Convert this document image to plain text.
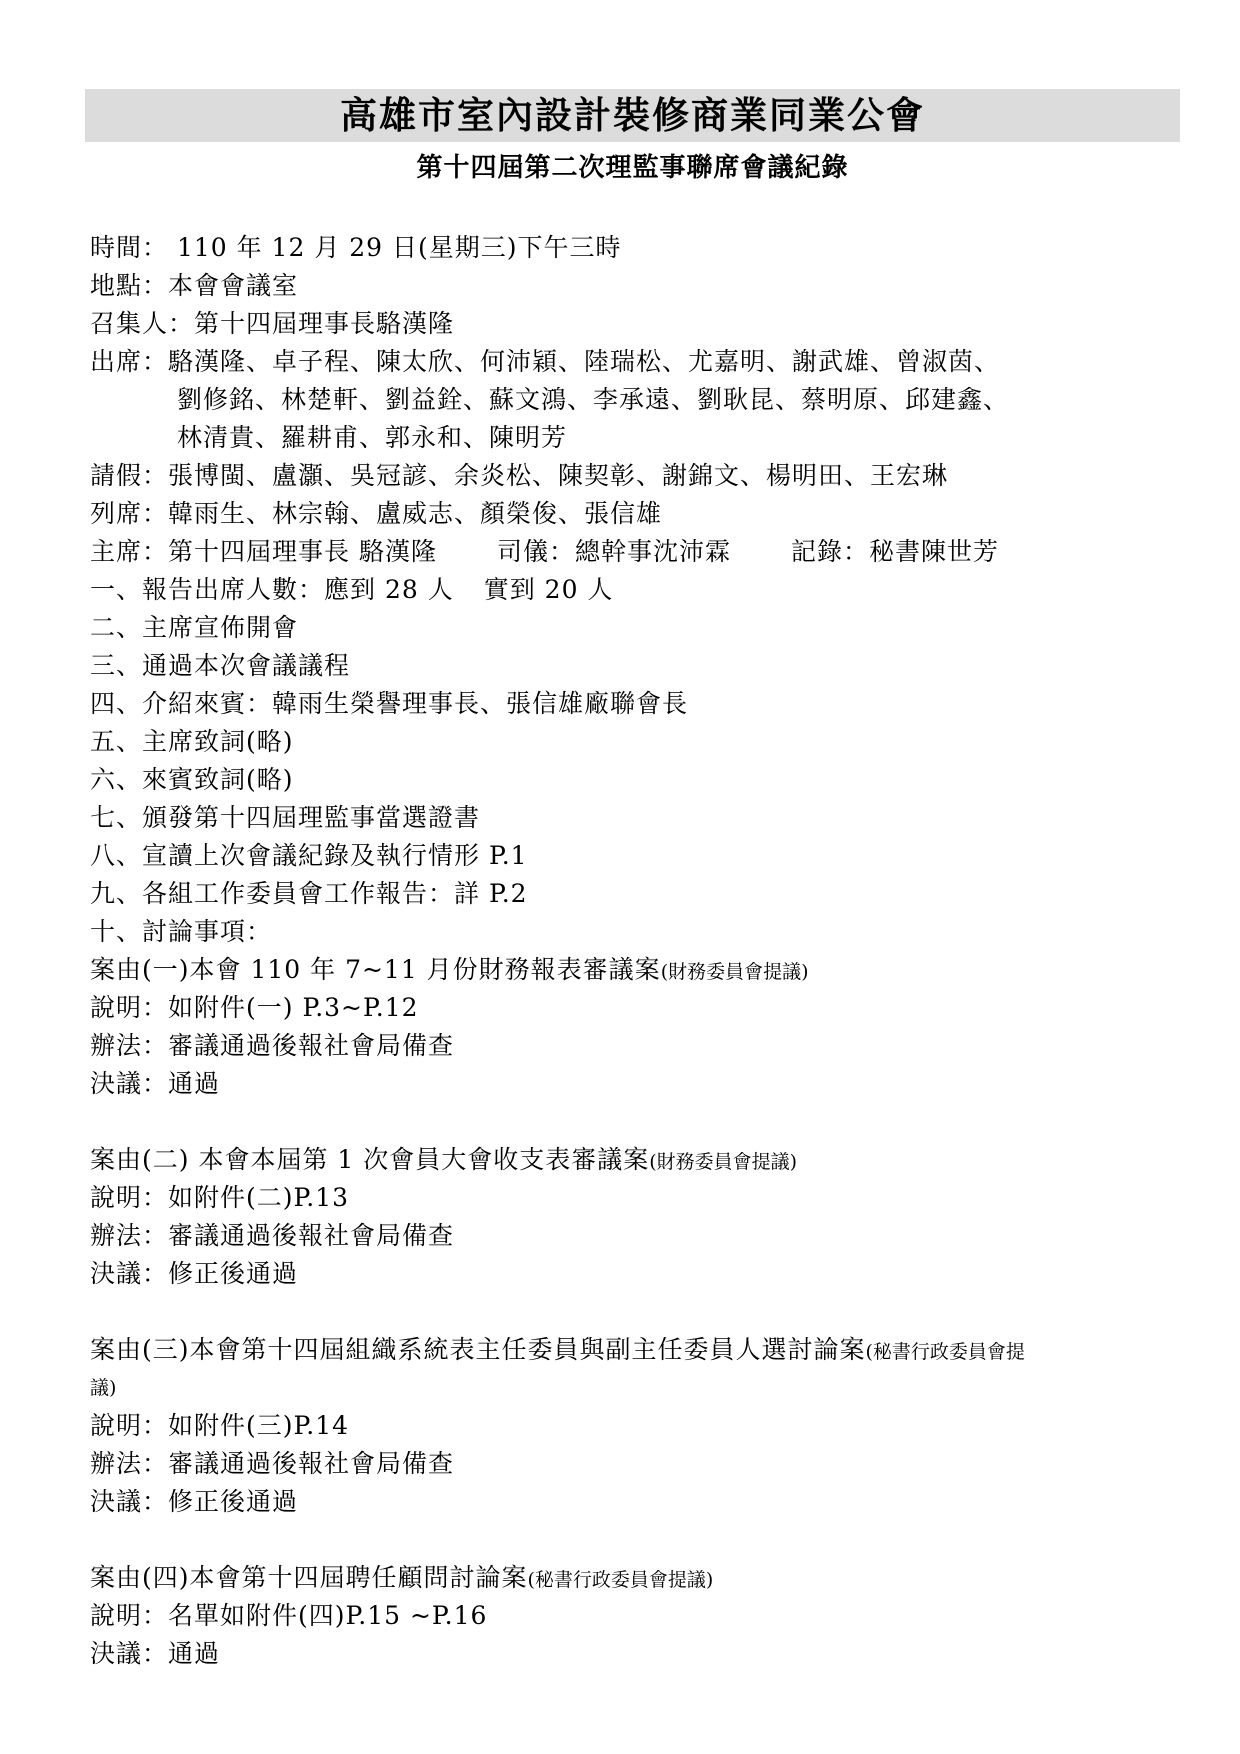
高雄市室內設計裝修商業同業公會
第十四屆第二次理監事聯席會議紀錄
時間： 110 年 12 月 29 日(星期三)下午三時
地點：本會會議室
召集人：第十四屆理事長駱漢隆
出席：駱漢隆、卓子程、陳太欣、何沛穎、陸瑞松、尤嘉明、謝武雄、曾淑茵、
劉修銘、林楚軒、劉益銓、蘇文鴻、李承遠、劉耿昆、蔡明原、邱建鑫、
林清貴、羅耕甫、郭永和、陳明芳
請假：張博閩、盧灝、吳冠諺、余炎松、陳契彰、謝錦文、楊明田、王宏琳
列席：韓雨生、林宗翰、盧威志、顏榮俊、張信雄
主席：第十四屆理事長 駱漢隆 司儀：總幹事沈沛霖 記錄：秘書陳世芳
一、報告出席人數：應到 28 人 實到 20 人
二、主席宣佈開會
三、通過本次會議議程
四、介紹來賓：韓雨生榮譽理事長、張信雄廠聯會長
五、主席致詞(略)
六、來賓致詞(略)
七、頒發第十四屆理監事當選證書
八、宣讀上次會議紀錄及執行情形 P.1
九、各組工作委員會工作報告：詳 P.2
十、討論事項：
案由(一)本會 110 年 7~11 月份財務報表審議案(財務委員會提議)
說明：如附件(一) P.3~P.12
辦法：審議通過後報社會局備查
決議：通過
案由(二) 本會本屆第 1 次會員大會收支表審議案(財務委員會提議)
說明：如附件(二)P.13
辦法：審議通過後報社會局備查
決議：修正後通過
案由(三)本會第十四屆組織系統表主任委員與副主任委員人選討論案(秘書行政委員會提
議)
說明：如附件(三)P.14
辦法：審議通過後報社會局備查
決議：修正後通過
案由(四)本會第十四屆聘任顧問討論案(秘書行政委員會提議)
說明：名單如附件(四)P.15 ~P.16
決議：通過
